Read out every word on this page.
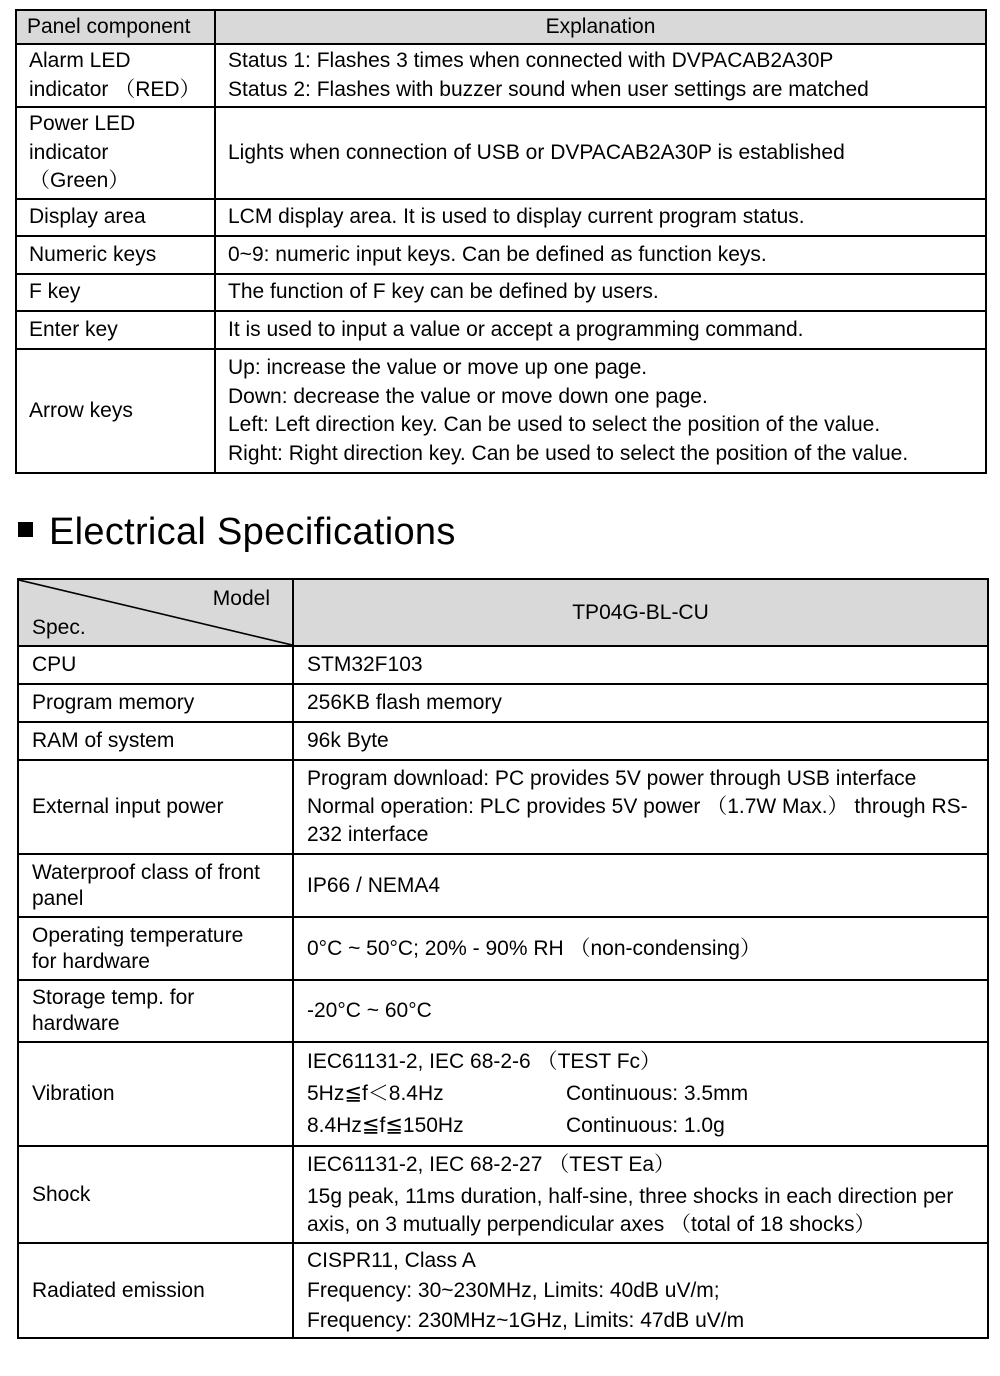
Panel component	Explanation

Alarm LED
indicator （RED）	Status 1: Flashes 3 times when connected with DVPACAB2A30P
Status 2: Flashes with buzzer sound when user settings are matched

Power LED
indicator
（Green）	Lights when connection of USB or DVPACAB2A30P is established

Display area	LCM display area. It is used to display current program status.
Numeric keys	0~9: numeric input keys. Can be defined as function keys.
F key	The function of F key can be defined by users.
Enter key	It is used to input a value or accept a programming command.
Arrow keys	Up: increase the value or move up one page.
Down: decrease the value or move down one page.
Left: Left direction key. Can be used to select the position of the value.
Right: Right direction key. Can be used to select the position of the value.
Electrical Specifications
Model
Spec.	TP04G-BL-CU
CPU	STM32F103
Program memory	256KB flash memory
RAM of system	96k Byte
External input power	Program download: PC provides 5V power through USB interface
Normal operation: PLC provides 5V power （1.7W Max.） through RS-232 interface

Waterproof class of front
panel	IP66 / NEMA4

Operating temperature
for hardware	0°C ~ 50°C; 20% - 90% RH （non-condensing）

Storage temp. for
hardware	-20°C ~ 60°C
Vibration	IEC61131-2, IEC 68-2-6 （TEST Fc）
5Hz≦f＜8.4Hz Continuous: 3.5mm
8.4Hz≦f≦150Hz Continuous: 1.0g

Shock	IEC61131-2, IEC 68-2-27 （TEST Ea）
15g peak, 11ms duration, half-sine, three shocks in each direction per axis, on 3 mutually perpendicular axes （total of 18 shocks）

Radiated emission	CISPR11, Class A
Frequency: 30~230MHz, Limits: 40dB uV/m;
Frequency: 230MHz~1GHz, Limits: 47dB uV/m
